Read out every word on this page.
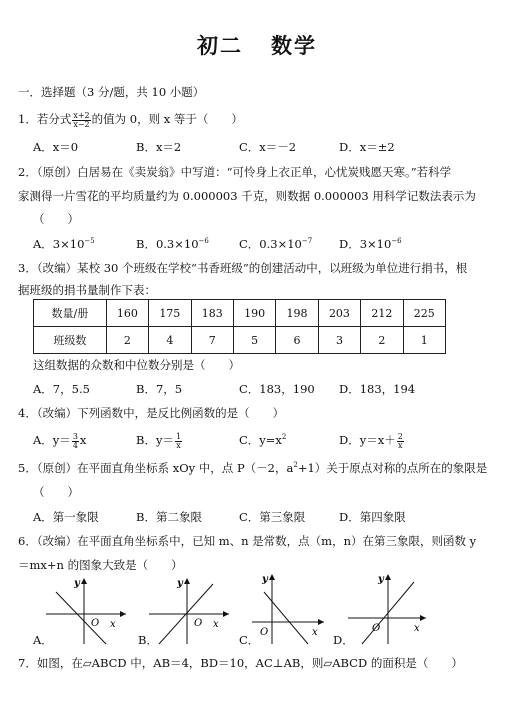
初二 数学
一．选择题（3 分/题，共 10 小题）
1．若分式 $\frac{x+2}{x-2}$ 的值为 0，则 x 等于（　　）
A．x＝0	B．x＝2	C．x＝－2	D．x＝±2
2．（原创）白居易在《卖炭翁》中写道：“可怜身上衣正单，心忧炭贱愿天寒。”若科学
家测得一片雪花的平均质量约为 0.000003 千克，则数据 0.000003 用科学记数法表示为
（　　）
A．$3\times 10^{-5}$	B．$0.3\times 10^{-6}$	C．$0.3\times 10^{-7}$ D．$3\times 10^{-6}$
3．（改编）某校 30 个班级在学校“书香班级”的创建活动中，以班级为单位进行捐书，根
据班级的捐书量制作下表：
数量/册	160	175	183	190	198	203	212	225
班级数	2	4	7	5	6	3	2	1
这组数据的众数和中位数分别是（　　）
A．7，5.5	B．7，5	C．183，190 D．183，194
4．（改编）下列函数中，是反比例函数的是（　　）
A．$y= \frac{3}{4}$ x	B．$y= \frac{1}{x}$	C．$y=x^2$	D．$y=x+ \frac{2}{x}$
5．（原创）在平面直角坐标系 xOy 中，点 P（－2，$a^2+1$）关于原点对称的点所在的象限是
（　　）
A．第一象限	B．第二象限	C．第三象限	D．第四象限
6．（改编）在平面直角坐标系中，已知 m、n 是常数，点（m，n）在第三象限，则函数 y
＝mx+n 的图象大致是（　　）
O x
y
O x
y
O	x
y
O	x
y
A．	B．	C．	D．
7．如图，在▱ABCD 中，AB＝4，BD＝10，AC⊥AB，则▱ABCD 的面积是（　　）
